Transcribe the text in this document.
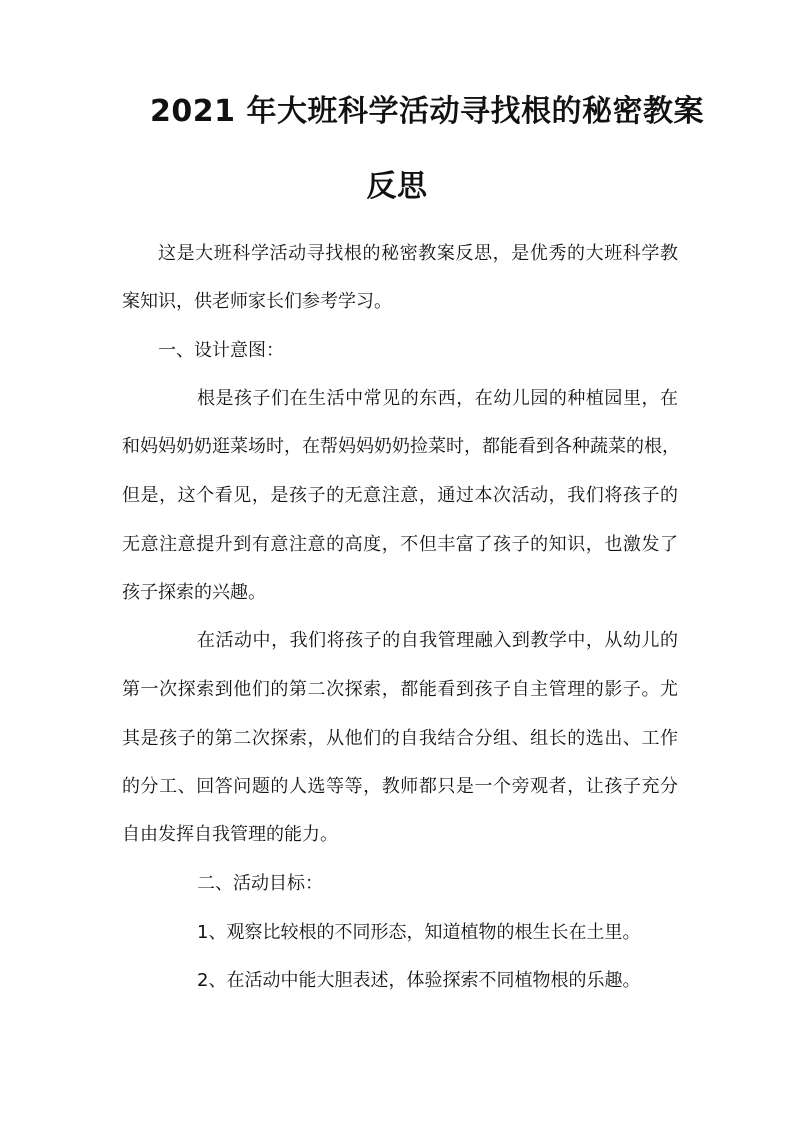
2021 年大班科学活动寻找根的秘密教案
反思
这是大班科学活动寻找根的秘密教案反思，是优秀的大班科学教
案知识，供老师家长们参考学习。
一、设计意图：
根是孩子们在生活中常见的东西，在幼儿园的种植园里，在
和妈妈奶奶逛菜场时，在帮妈妈奶奶捡菜时，都能看到各种蔬菜的根，
但是，这个看见，是孩子的无意注意，通过本次活动，我们将孩子的
无意注意提升到有意注意的高度，不但丰富了孩子的知识，也激发了
孩子探索的兴趣。
在活动中，我们将孩子的自我管理融入到教学中，从幼儿的
第一次探索到他们的第二次探索，都能看到孩子自主管理的影子。尤
其是孩子的第二次探索，从他们的自我结合分组、组长的选出、工作
的分工、回答问题的人选等等，教师都只是一个旁观者，让孩子充分
自由发挥自我管理的能力。
二、活动目标：
1、观察比较根的不同形态，知道植物的根生长在土里。
2、在活动中能大胆表述，体验探索不同植物根的乐趣。
